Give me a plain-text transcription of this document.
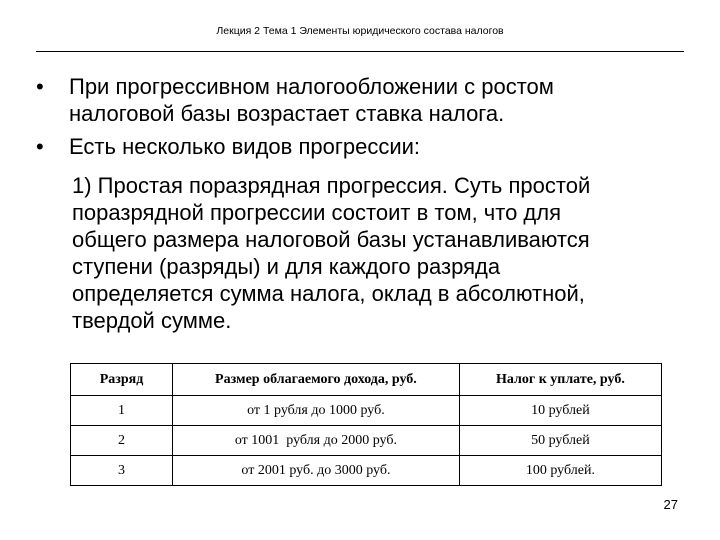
Лекция 2 Тема 1 Элементы юридического состава налогов
• При прогрессивном налогообложении с ростом
налоговой базы возрастает ставка налога.
• Есть несколько видов прогрессии:
1) Простая поразрядная прогрессия. Суть простой
поразрядной прогрессии состоит в том, что для
общего размера налоговой базы устанавливаются
ступени (разряды) и для каждого разряда
определяется сумма налога, оклад в абсолютной,
твердой сумме.
Разряд	Размер облагаемого дохода, руб.	Налог к уплате, руб.
1	от 1 рубля до 1000 руб.	10 рублей
2	от 1001  рубля до 2000 руб.	50 рублей
3	от 2001 руб. до 3000 руб.	100 рублей.
27
